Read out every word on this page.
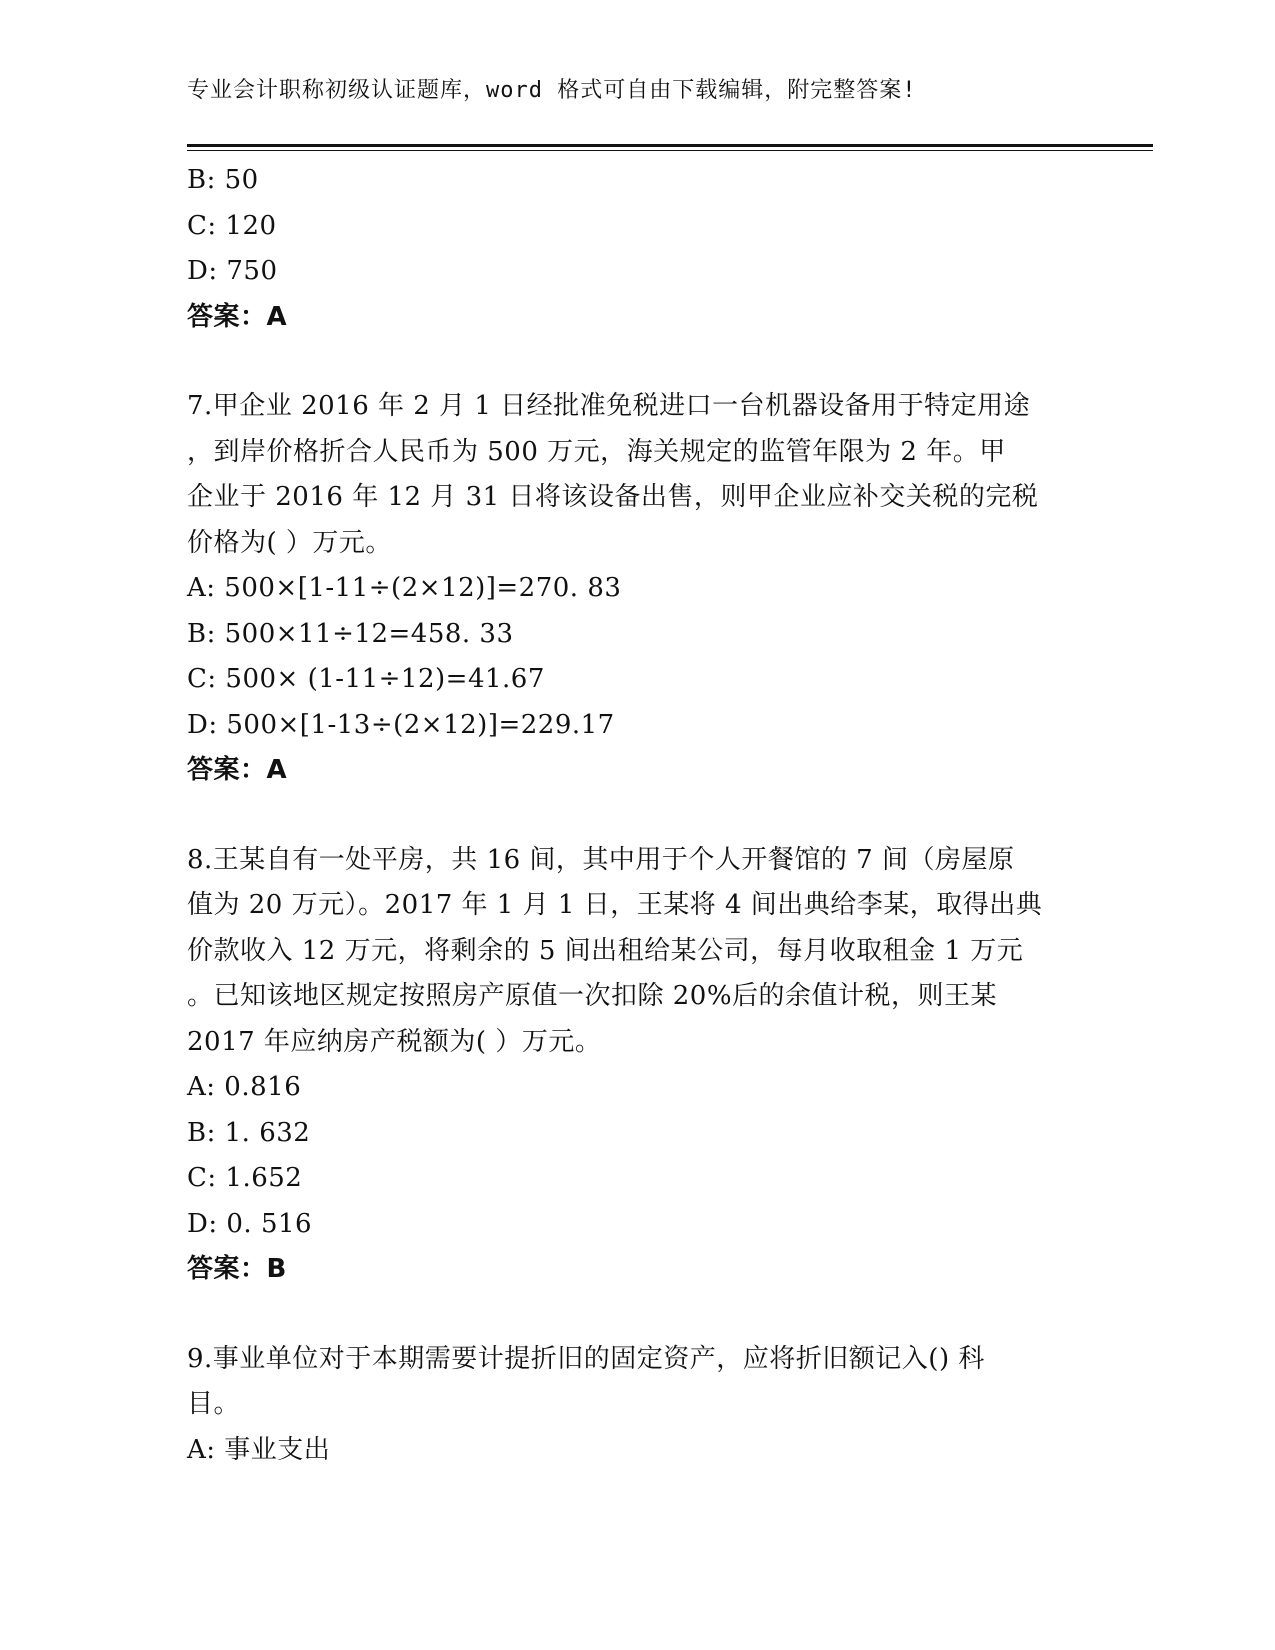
专业会计职称初级认证题库，word 格式可自由下载编辑，附完整答案!
B: 50
C: 120
D: 750
答案：A
7.甲企业 2016 年 2 月 1 日经批准免税进口一台机器设备用于特定用途
，到岸价格折合人民币为 500 万元，海关规定的监管年限为 2 年。甲
企业于 2016 年 12 月 31 日将该设备出售，则甲企业应补交关税的完税
价格为( ）万元。
A: 500×[1-11÷(2×12)]=270. 83
B: 500×11÷12=458. 33
C: 500× (1-11÷12)=41.67
D: 500×[1-13÷(2×12)]=229.17
答案：A
8.王某自有一处平房，共 16 间，其中用于个人开餐馆的 7 间（房屋原
值为 20 万元）。2017 年 1 月 1 日，王某将 4 间出典给李某，取得出典
价款收入 12 万元，将剩余的 5 间出租给某公司，每月收取租金 1 万元
。已知该地区规定按照房产原值一次扣除 20%后的余值计税，则王某
2017 年应纳房产税额为( ）万元。
A: 0.816
B: 1. 632
C: 1.652
D: 0. 516
答案：B
9.事业单位对于本期需要计提折旧的固定资产，应将折旧额记入() 科
目。
A: 事业支出
